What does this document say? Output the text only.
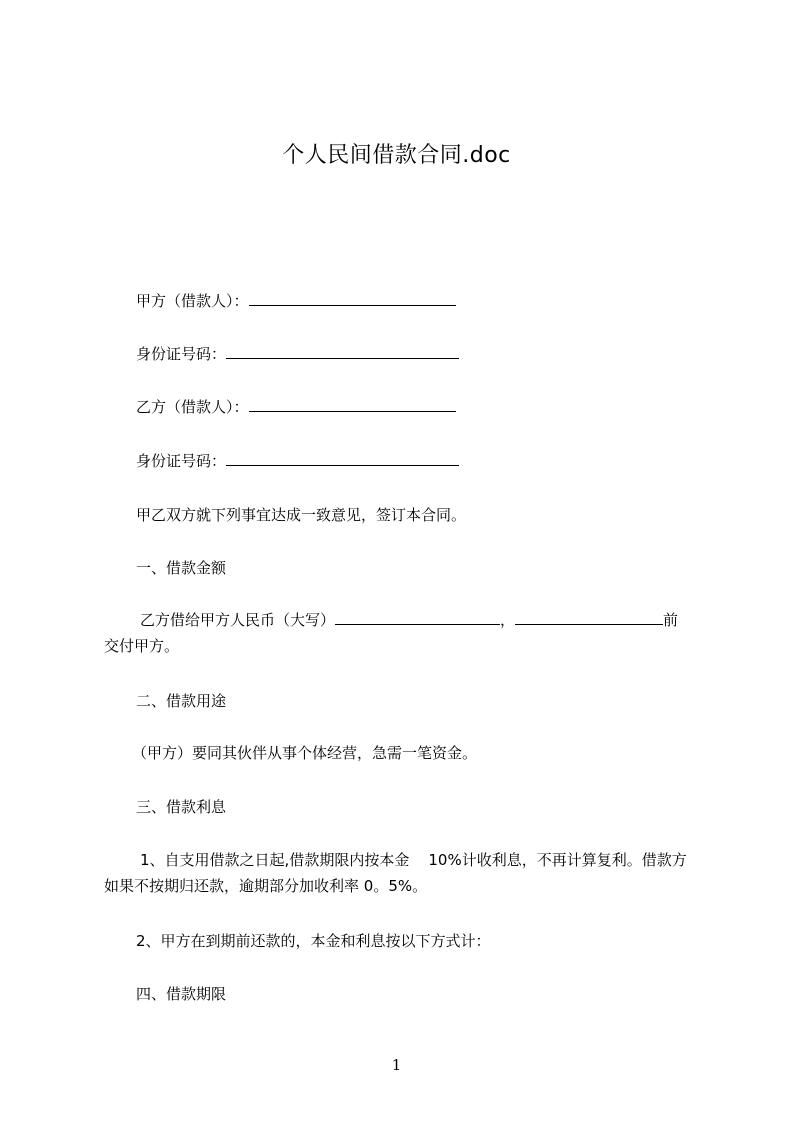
个人民间借款合同.doc
甲方（借款人）：
身份证号码：
乙方（借款人）：
身份证号码：
甲乙双方就下列事宜达成一致意见，签订本合同。
一、借款金额
乙方借给甲方人民币（大写）	，	前
交付甲方。
二、借款用途
（甲方）要同其伙伴从事个体经营，急需一笔资金。
三、借款利息
1、自支用借款之日起,借款期限内按本金    10%计收利息，不再计算复利。借款方
如果不按期归还款，逾期部分加收利率 0。5%。
2、甲方在到期前还款的，本金和利息按以下方式计：
四、借款期限
1
